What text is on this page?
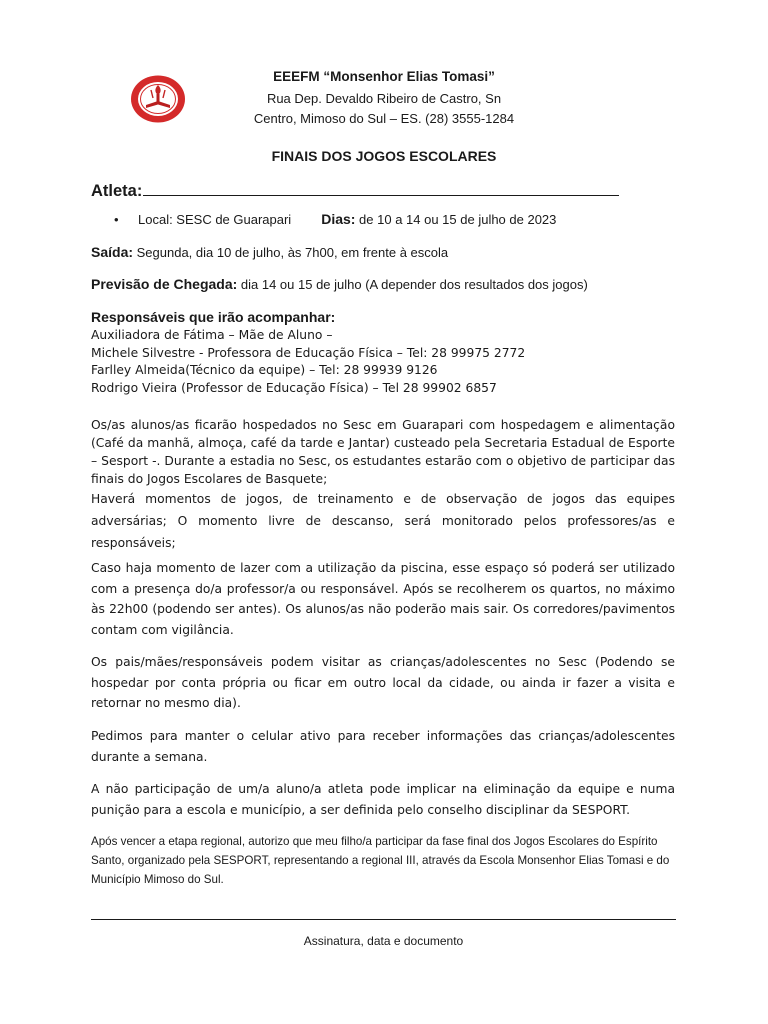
EEEFM “Monsenhor Elias Tomasi”
Rua Dep. Devaldo Ribeiro de Castro, Sn
Centro, Mimoso do Sul – ES. (28) 3555-1284
FINAIS DOS JOGOS ESCOLARES
Atleta:
• Local: SESC de Guarapari Dias: de 10 a 14 ou 15 de julho de 2023
Saída: Segunda, dia 10 de julho, às 7h00, em frente à escola
Previsão de Chegada: dia 14 ou 15 de julho (A depender dos resultados dos jogos)
Responsáveis que irão acompanhar:
Auxiliadora de Fátima – Mãe de Aluno –
Michele Silvestre - Professora de Educação Física – Tel: 28 99975 2772
Farlley Almeida(Técnico da equipe) – Tel: 28 99939 9126
Rodrigo Vieira (Professor de Educação Física) – Tel 28 99902 6857
Os/as alunos/as ficarão hospedados no Sesc em Guarapari com hospedagem e alimentação (Café da manhã, almoça, café da tarde e Jantar) custeado pela Secretaria Estadual de Esporte – Sesport -. Durante a estadia no Sesc, os estudantes estarão com o objetivo de participar das finais do Jogos Escolares de Basquete;
Haverá momentos de jogos, de treinamento e de observação de jogos das equipes adversárias; O momento livre de descanso, será monitorado pelos professores/as e responsáveis;
Caso haja momento de lazer com a utilização da piscina, esse espaço só poderá ser utilizado com a presença do/a professor/a ou responsável. Após se recolherem os quartos, no máximo às 22h00 (podendo ser antes). Os alunos/as não poderão mais sair. Os corredores/pavimentos contam com vigilância.
Os pais/mães/responsáveis podem visitar as crianças/adolescentes no Sesc (Podendo se hospedar por conta própria ou ficar em outro local da cidade, ou ainda ir fazer a visita e retornar no mesmo dia).
Pedimos para manter o celular ativo para receber informações das crianças/adolescentes durante a semana.
A não participação de um/a aluno/a atleta pode implicar na eliminação da equipe e numa punição para a escola e município, a ser definida pelo conselho disciplinar da SESPORT.
Após vencer a etapa regional, autorizo que meu filho/a participar da fase final dos Jogos Escolares do Espírito Santo, organizado pela SESPORT, representando a regional III, através da Escola Monsenhor Elias Tomasi e do Município Mimoso do Sul.
Assinatura, data e documento
